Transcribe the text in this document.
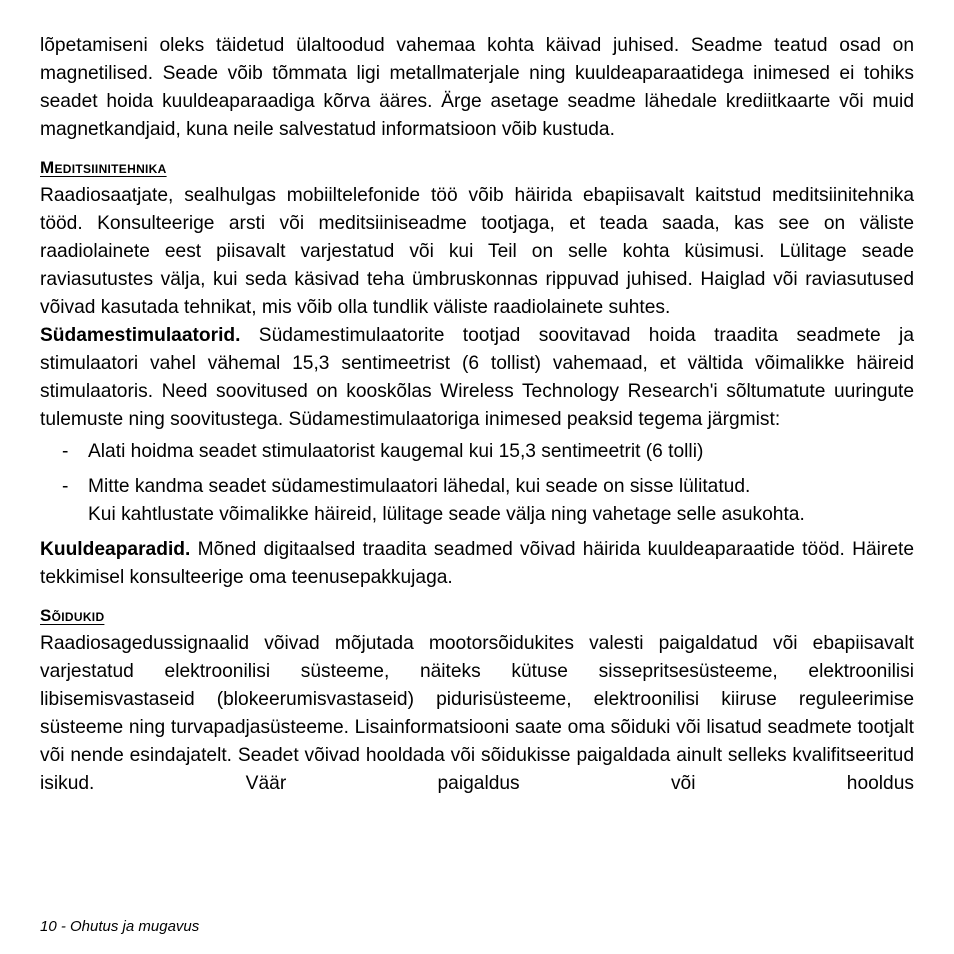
lõpetamiseni oleks täidetud ülaltoodud vahemaa kohta käivad juhised. Seadme teatud osad on magnetilised. Seade võib tõmmata ligi metallmaterjale ning kuuldeaparaatidega inimesed ei tohiks seadet hoida kuuldeaparaadiga kõrva ääres. Ärge asetage seadme lähedale krediitkaarte või muid magnetkandjaid, kuna neile salvestatud informatsioon võib kustuda.

Meditsiinitehnika

Raadiosaatjate, sealhulgas mobiiltelefonide töö võib häirida ebapiisavalt kaitstud meditsiinitehnika tööd. Konsulteerige arsti või meditsiiniseadme tootjaga, et teada saada, kas see on väliste raadiolainete eest piisavalt varjestatud või kui Teil on selle kohta küsimusi. Lülitage seade raviasutustes välja, kui seda käsivad teha ümbruskonnas rippuvad juhised. Haiglad või raviasutused võivad kasutada tehnikat, mis võib olla tundlik väliste raadiolainete suhtes.

Südamestimulaatorid. Südamestimulaatorite tootjad soovitavad hoida traadita seadmete ja stimulaatori vahel vähemal 15,3 sentimeetrist (6 tollist) vahemaad, et vältida võimalikke häireid stimulaatoris. Need soovitused on kooskõlas Wireless Technology Research'i sõltumatute uuringute tulemuste ning soovitustega. Südamestimulaatoriga inimesed peaksid tegema järgmist:

- Alati hoidma seadet stimulaatorist kaugemal kui 15,3 sentimeetrit (6 tolli)
- Mitte kandma seadet südamestimulaatori lähedal, kui seade on sisse lülitatud.
Kui kahtlustate võimalikke häireid, lülitage seade välja ning vahetage selle asukohta.

Kuuldeaparadid. Mõned digitaalsed traadita seadmed võivad häirida kuuldeaparaatide tööd. Häirete tekkimisel konsulteerige oma teenusepakkujaga.

Sõidukid

Raadiosagedussignaalid võivad mõjutada mootorsõidukites valesti paigaldatud või ebapiisavalt varjestatud elektroonilisi süsteeme, näiteks kütuse sissepritsesüsteeme, elektroonilisi libisemisvastaseid (blokeerumisvastaseid) pidurisüsteeme, elektroonilisi kiiruse reguleerimise süsteeme ning turvapadjasüsteeme. Lisainformatsiooni saate oma sõiduki või lisatud seadmete tootjalt või nende esindajatelt. Seadet võivad hooldada või sõidukisse paigaldada ainult selleks kvalifitseeritud isikud. Väär paigaldus või hooldus

10 - Ohutus ja mugavus
